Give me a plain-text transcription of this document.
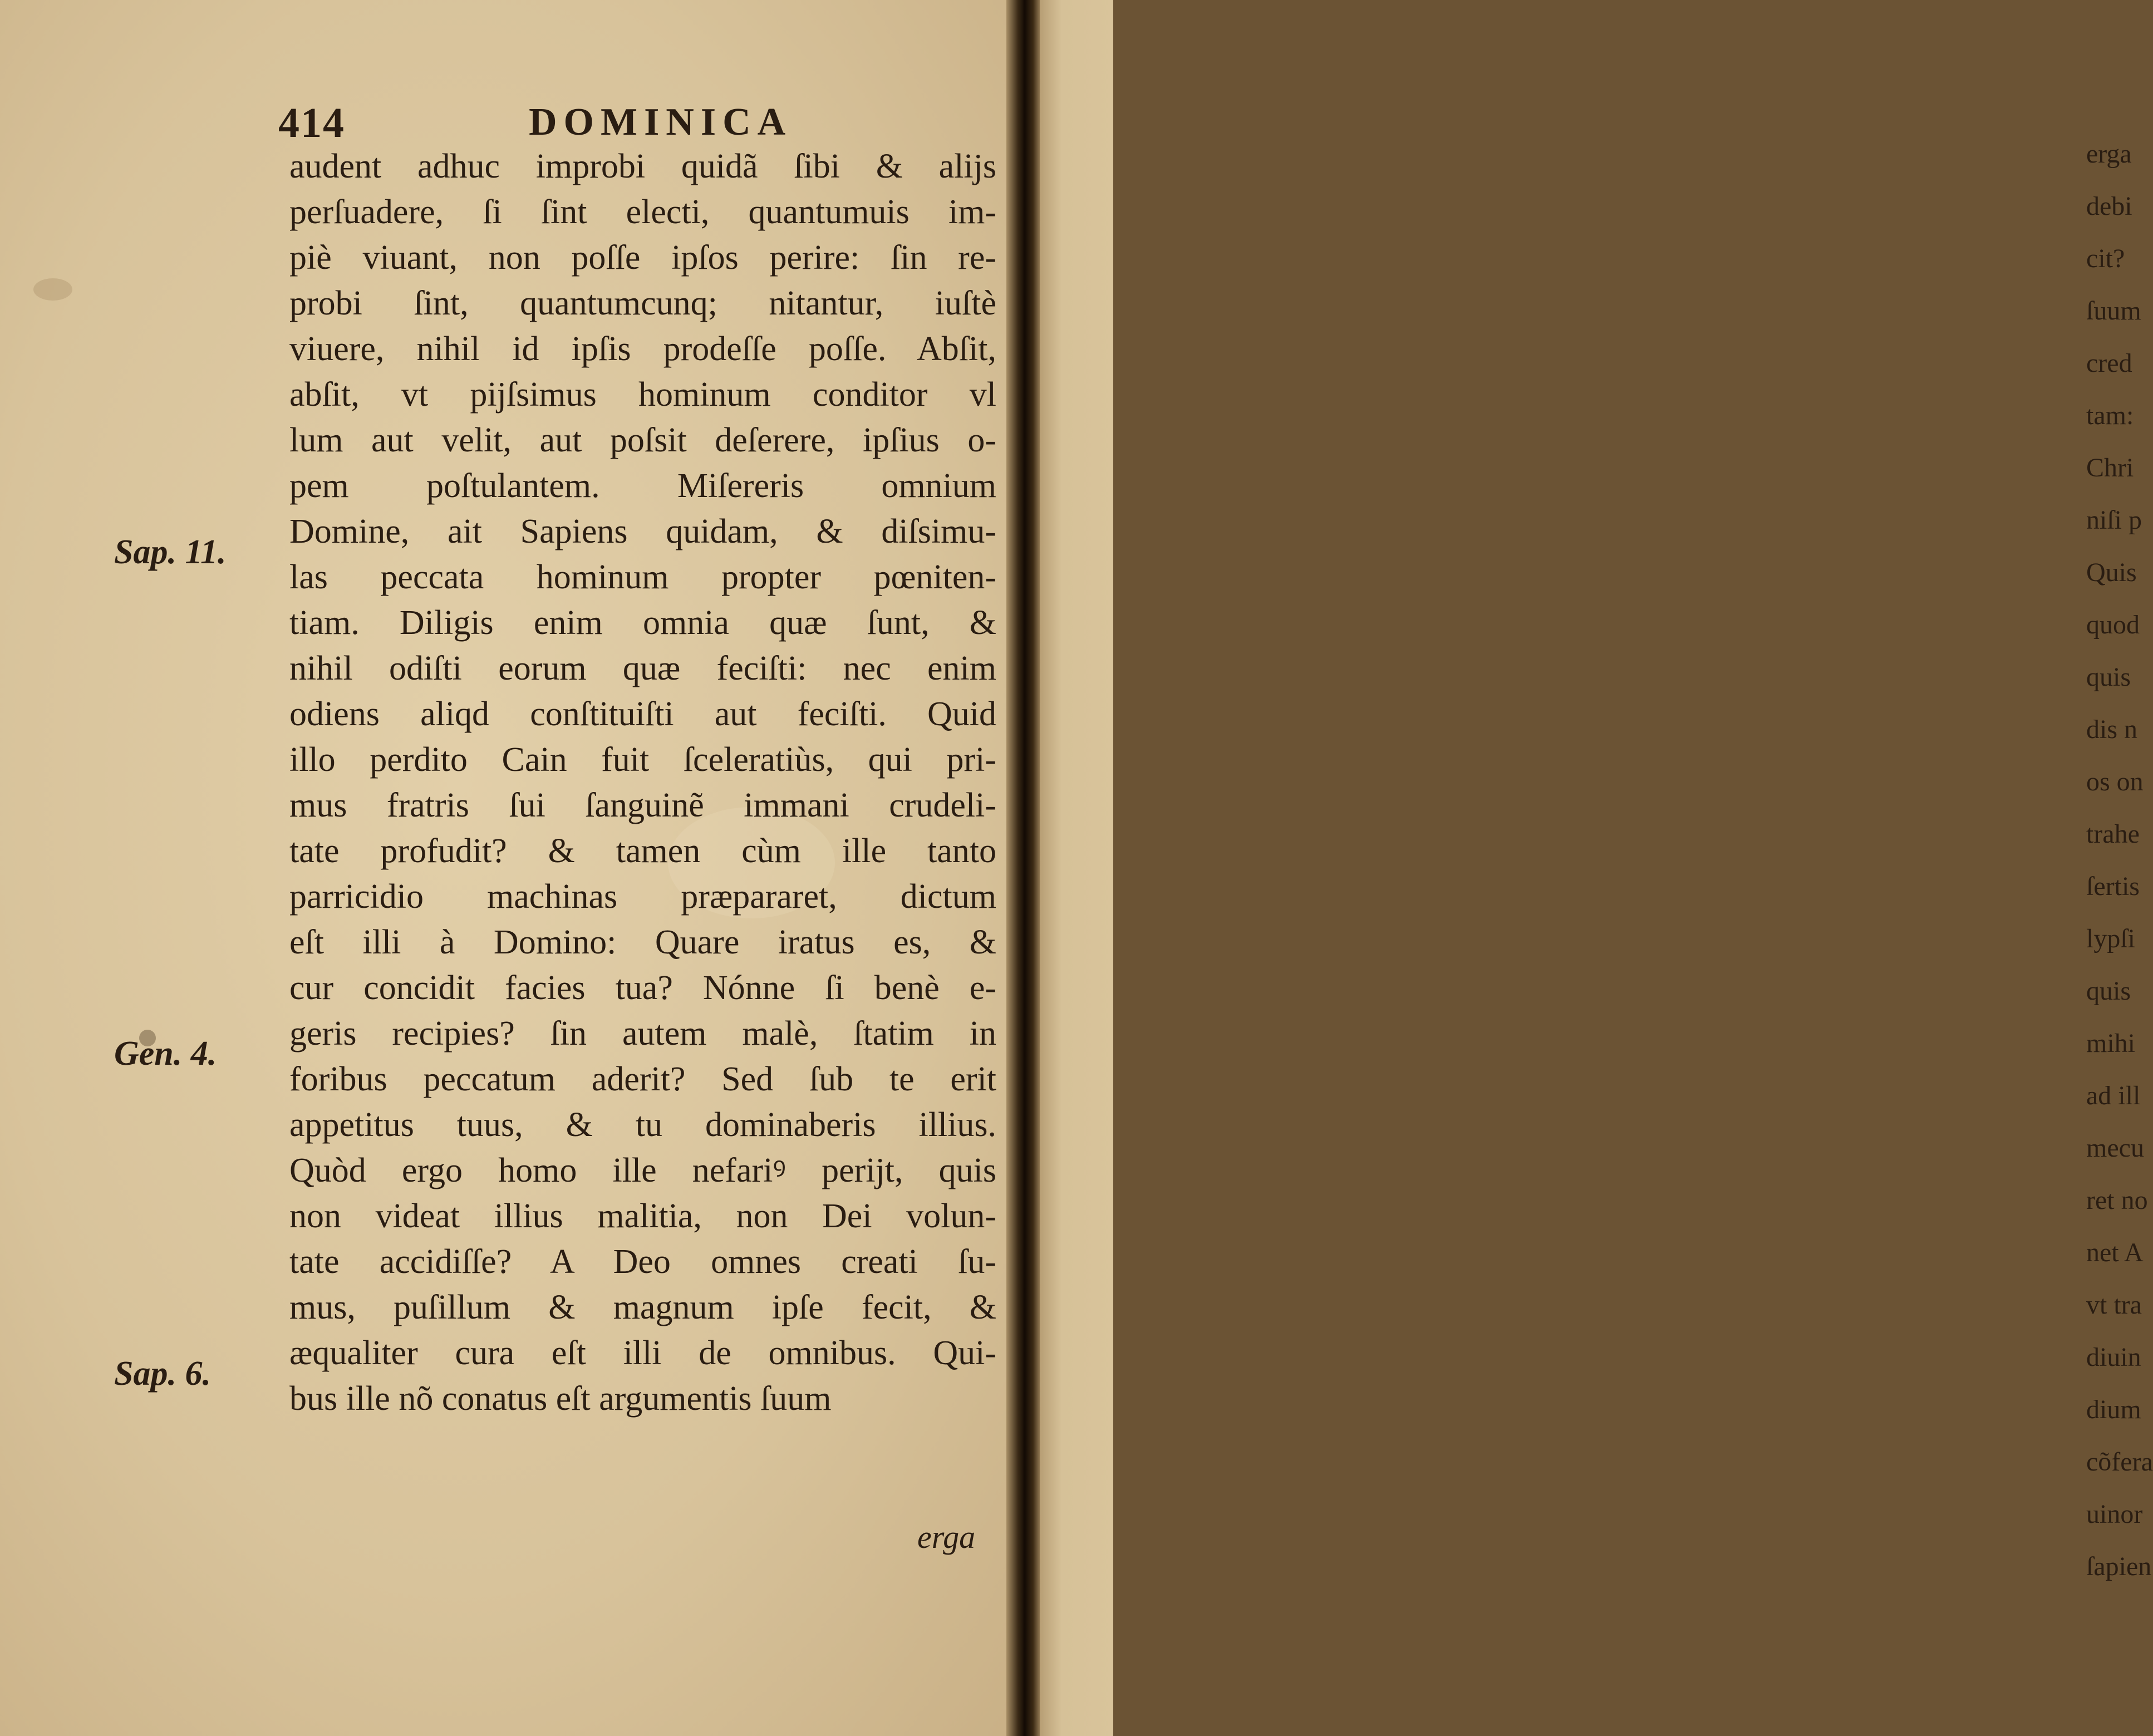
414	DOMINICA
audent adhuc improbi quidã ſibi & alijs
perſuadere, ſi ſint electi, quantumuis im-
piè viuant, non poſſe ipſos perire: ſin re-
probi ſint, quantumcunq; nitantur, iuſtè
viuere, nihil id ipſis prodeſſe poſſe. Abſit,
abſit, vt pijſsimus hominum conditor vl
lum aut velit, aut poſsit deſerere, ipſius o-
pem poſtulantem. Miſereris omnium
Domine, ait Sapiens quidam, & diſsimu-
las peccata hominum propter pœniten-
tiam. Diligis enim omnia quæ ſunt, &
nihil odiſti eorum quæ feciſti: nec enim
odiens aliqd conſtituiſti aut feciſti. Quid
illo perdito Cain fuit ſceleratiùs, qui pri-
mus fratris ſui ſanguinẽ immani crudeli-
tate profudit? & tamen cùm ille tanto
parricidio machinas præpararet, dictum
eſt illi à Domino: Quare iratus es, &
cur concidit facies tua? Nónne ſi benè e-
geris recipies? ſin autem malè, ſtatim in
foribus peccatum aderit? Sed ſub te erit
appetitus tuus, & tu dominaberis illius.
Quòd ergo homo ille nefariꝰ perijt, quis
non videat illius malitia, non Dei volun-
tate accidiſſe? A Deo omnes creati ſu-
mus, puſillum & magnum ipſe fecit, &
æqualiter cura eſt illi de omnibus. Qui-
bus ille nõ conatus eſt argumentis ſuum
erga
Sap. 11.
Gen. 4.
Sap. 6.
erga
debi
cit?
ſuum
cred
tam:
Chri
niſi p
Quis
quod
quis
dis n
os on
trahe
ſertis
lypſi
quis
mihi
ad ill
mecu
ret no
net A
vt tra
diuin
dium
cõfera
uinor
ſapien
